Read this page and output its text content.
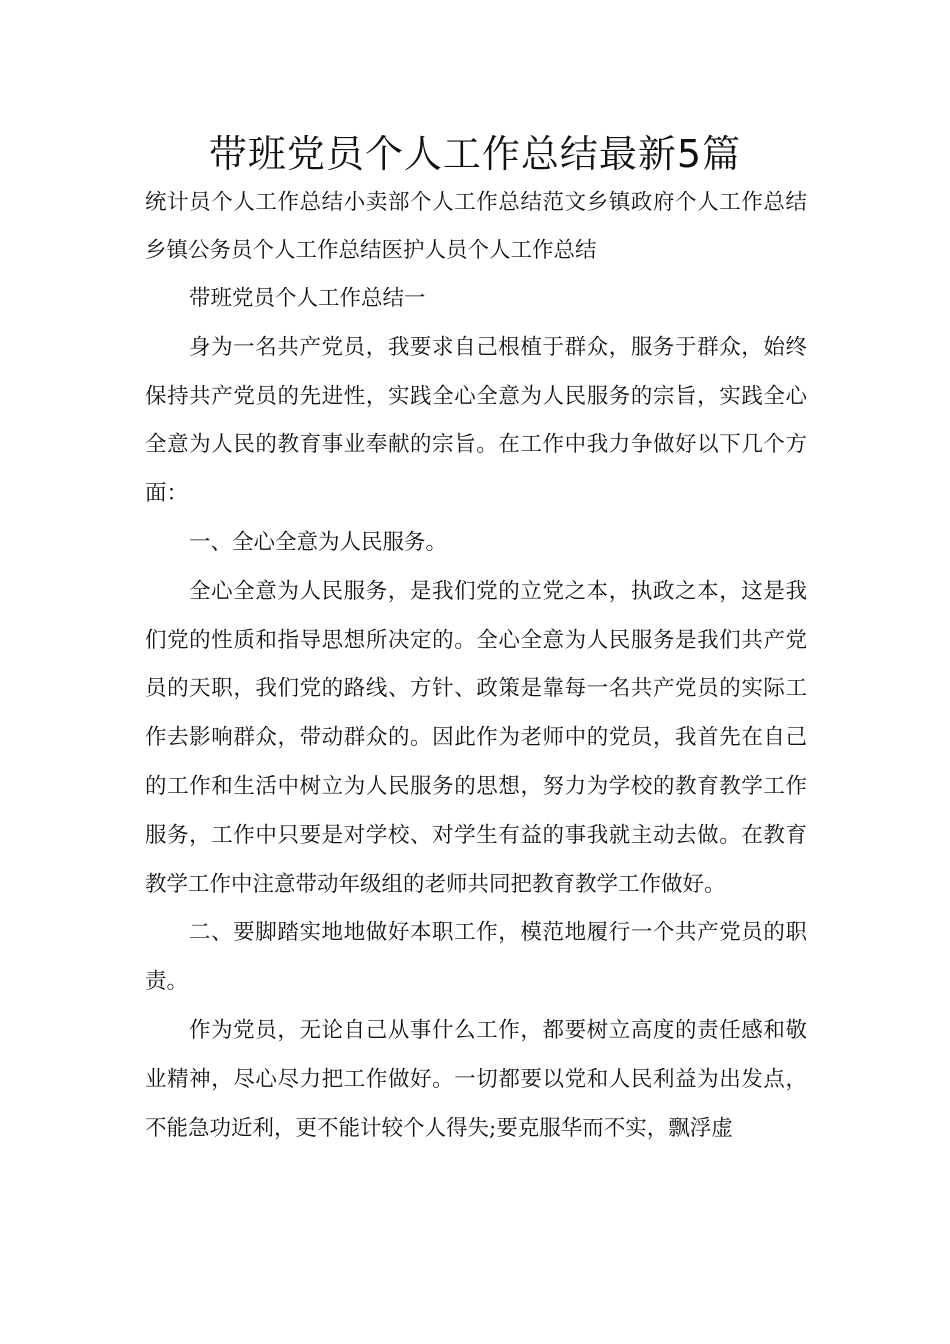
带班党员个人工作总结最新5篇

统计员个人工作总结小卖部个人工作总结范文乡镇政府个人工作总结乡镇公务员个人工作总结医护人员个人工作总结

带班党员个人工作总结一

身为一名共产党员，我要求自己根植于群众，服务于群众，始终保持共产党员的先进性，实践全心全意为人民服务的宗旨，实践全心全意为人民的教育事业奉献的宗旨。在工作中我力争做好以下几个方面：

一、全心全意为人民服务。

全心全意为人民服务，是我们党的立党之本，执政之本，这是我们党的性质和指导思想所决定的。全心全意为人民服务是我们共产党员的天职，我们党的路线、方针、政策是靠每一名共产党员的实际工作去影响群众，带动群众的。因此作为老师中的党员，我首先在自己的工作和生活中树立为人民服务的思想，努力为学校的教育教学工作服务，工作中只要是对学校、对学生有益的事我就主动去做。在教育教学工作中注意带动年级组的老师共同把教育教学工作做好。

二、要脚踏实地地做好本职工作，模范地履行一个共产党员的职责。

作为党员，无论自己从事什么工作，都要树立高度的责任感和敬业精神，尽心尽力把工作做好。一切都要以党和人民利益为出发点，不能急功近利，更不能计较个人得失;要克服华而不实，飘浮虚
